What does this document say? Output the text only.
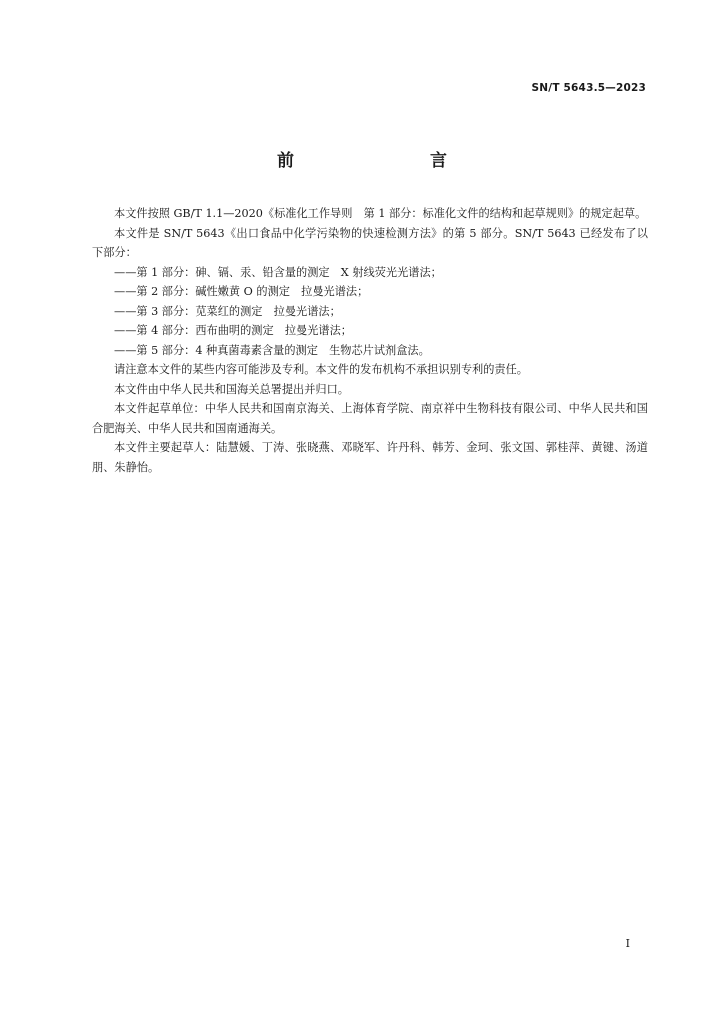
SN/T 5643.5—2023
前　　言

本文件按照 GB/T 1.1—2020《标准化工作导则　第 1 部分：标准化文件的结构和起草规则》的规定起草。

本文件是 SN/T 5643《出口食品中化学污染物的快速检测方法》的第 5 部分。SN/T 5643 已经发布了以下部分：

——第 1 部分：砷、镉、汞、铅含量的测定　X 射线荧光光谱法；

——第 2 部分：碱性嫩黄 O 的测定　拉曼光谱法；

——第 3 部分：苋菜红的测定　拉曼光谱法；

——第 4 部分：西布曲明的测定　拉曼光谱法；

——第 5 部分：4 种真菌毒素含量的测定　生物芯片试剂盒法。

请注意本文件的某些内容可能涉及专利。本文件的发布机构不承担识别专利的责任。

本文件由中华人民共和国海关总署提出并归口。

本文件起草单位：中华人民共和国南京海关、上海体育学院、南京祥中生物科技有限公司、中华人民共和国合肥海关、中华人民共和国南通海关。

本文件主要起草人：陆慧媛、丁涛、张晓燕、邓晓军、许丹科、韩芳、金珂、张文国、郭桂萍、黄键、汤道朋、朱静怡。

I
